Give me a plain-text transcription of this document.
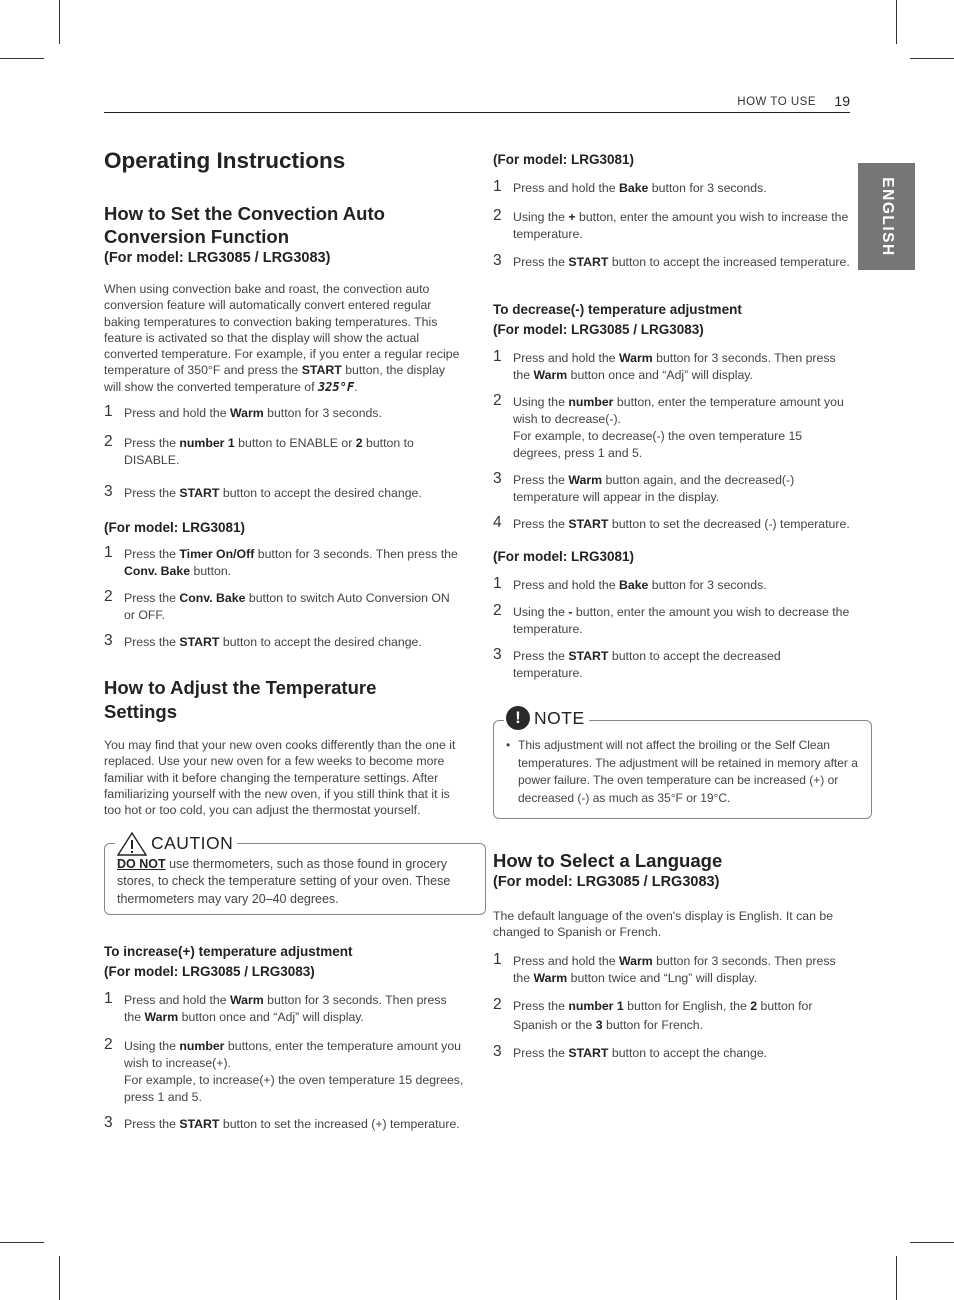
HOW TO USE 19
ENGLISH
Operating Instructions
How to Set the Convection Auto Conversion Function
(For model: LRG3085 / LRG3083)

When using convection bake and roast, the convection auto conversion feature will automatically convert entered regular baking temperatures to convection baking temperatures. This feature is activated so that the display will show the actual converted temperature. For example, if you enter a regular recipe temperature of 350°F and press the START button, the display will show the converted temperature of 325°F.

1 Press and hold the Warm button for 3 seconds.
2 Press the number 1 button to ENABLE or 2 button to DISABLE.
3 Press the START button to accept the desired change.
(For model: LRG3081)
1 Press the Timer On/Off button for 3 seconds. Then press the Conv. Bake button.
2 Press the Conv. Bake button to switch Auto Conversion ON or OFF.
3 Press the START button to accept the desired change.
How to Adjust the Temperature Settings

You may find that your new oven cooks differently than the one it replaced. Use your new oven for a few weeks to become more familiar with it before changing the temperature settings. After familiarizing yourself with the new oven, if you still think that it is too hot or too cold, you can adjust the thermostat yourself.

CAUTION

DO NOT use thermometers, such as those found in grocery stores, to check the temperature setting of your oven. These thermometers may vary 20–40 degrees.

To increase(+) temperature adjustment
(For model: LRG3085 / LRG3083)
1 Press and hold the Warm button for 3 seconds. Then press the Warm button once and “Adj” will display.
2 Using the number buttons, enter the temperature amount you wish to increase(+).
For example, to increase(+) the oven temperature 15 degrees, press 1 and 5.
3 Press the START button to set the increased (+) temperature.
(For model: LRG3081)
1 Press and hold the Bake button for 3 seconds.
2 Using the + button, enter the amount you wish to increase the temperature.
3 Press the START button to accept the increased temperature.
To decrease(-) temperature adjustment
(For model: LRG3085 / LRG3083)
1 Press and hold the Warm button for 3 seconds. Then press the Warm button once and “Adj” will display.
2 Using the number button, enter the temperature amount you wish to decrease(-).
For example, to decrease(-) the oven temperature 15 degrees, press 1 and 5.
3 Press the Warm button again, and the decreased(-) temperature will appear in the display.
4 Press the START button to set the decreased (-) temperature.
(For model: LRG3081)
1 Press and hold the Bake button for 3 seconds.
2 Using the - button, enter the amount you wish to decrease the temperature.
3 Press the START button to accept the decreased temperature.
! NOTE

• This adjustment will not affect the broiling or the Self Clean temperatures. The adjustment will be retained in memory after a power failure. The oven temperature can be increased (+) or decreased (-) as much as 35°F or 19°C.

How to Select a Language
(For model: LRG3085 / LRG3083)

The default language of the oven's display is English. It can be changed to Spanish or French.

1 Press and hold the Warm button for 3 seconds. Then press the Warm button twice and “Lng” will display.
2 Press the number 1 button for English, the 2 button for Spanish or the 3 button for French.
3 Press the START button to accept the change.
